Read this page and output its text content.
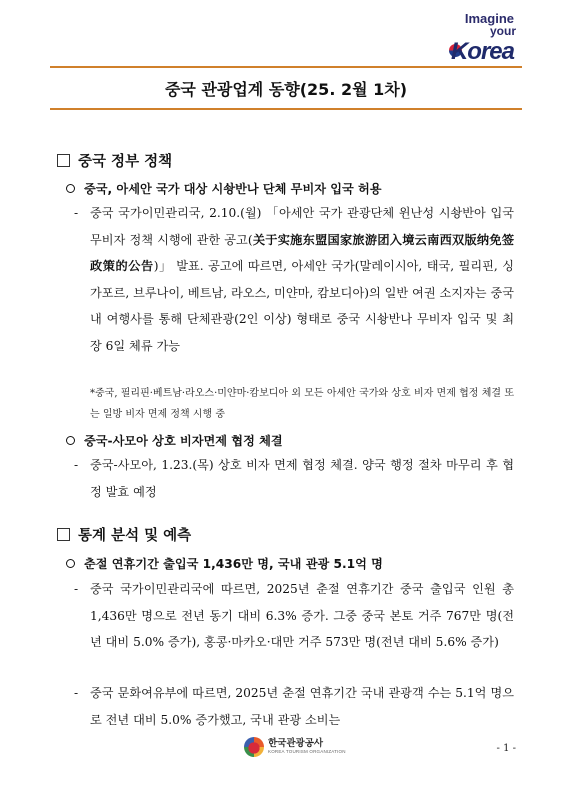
Imagine
your
Korea
중국 관광업계 동향(25. 2월 1차)
중국 정부 정책
중국, 아세안 국가 대상 시솽반나 단체 무비자 입국 허용
- 중국 국가이민관리국, 2.10.(월) 「아세안 국가 관광단체 윈난성 시솽반아 입국 무비자 정책 시행에 관한 공고(关于实施东盟国家旅游团入境云南西双版纳免签政策的公告)」 발표. 공고에 따르면, 아세안 국가(말레이시아, 태국, 필리핀, 싱가포르, 브루나이, 베트남, 라오스, 미얀마, 캄보디아)의 일반 여권 소지자는 중국 내 여행사를 통해 단체관광(2인 이상) 형태로 중국 시솽반나 무비자 입국 및 최장 6일 체류 가능
*중국, 필리핀·베트남·라오스·미얀마·캄보디아 외 모든 아세안 국가와 상호 비자 면제 협정 체결 또는 일방 비자 면제 정책 시행 중
중국-사모아 상호 비자면제 협정 체결
- 중국-사모아, 1.23.(목) 상호 비자 면제 협정 체결. 양국 행정 절차 마무리 후 협정 발효 예정
통계 분석 및 예측
춘절 연휴기간 출입국 1,436만 명, 국내 관광 5.1억 명
- 중국 국가이민관리국에 따르면, 2025년 춘절 연휴기간 중국 출입국 인원 총 1,436만 명으로 전년 동기 대비 6.3% 증가. 그중 중국 본토 거주 767만 명(전년 대비 5.0% 증가), 홍콩·마카오·대만 거주 573만 명(전년 대비 5.6% 증가)
- 중국 문화여유부에 따르면, 2025년 춘절 연휴기간 국내 관광객 수는 5.1억 명으로 전년 대비 5.0% 증가했고, 국내 관광 소비는
한국관광공사
KOREA TOURISM ORGANIZATION	- 1 -
